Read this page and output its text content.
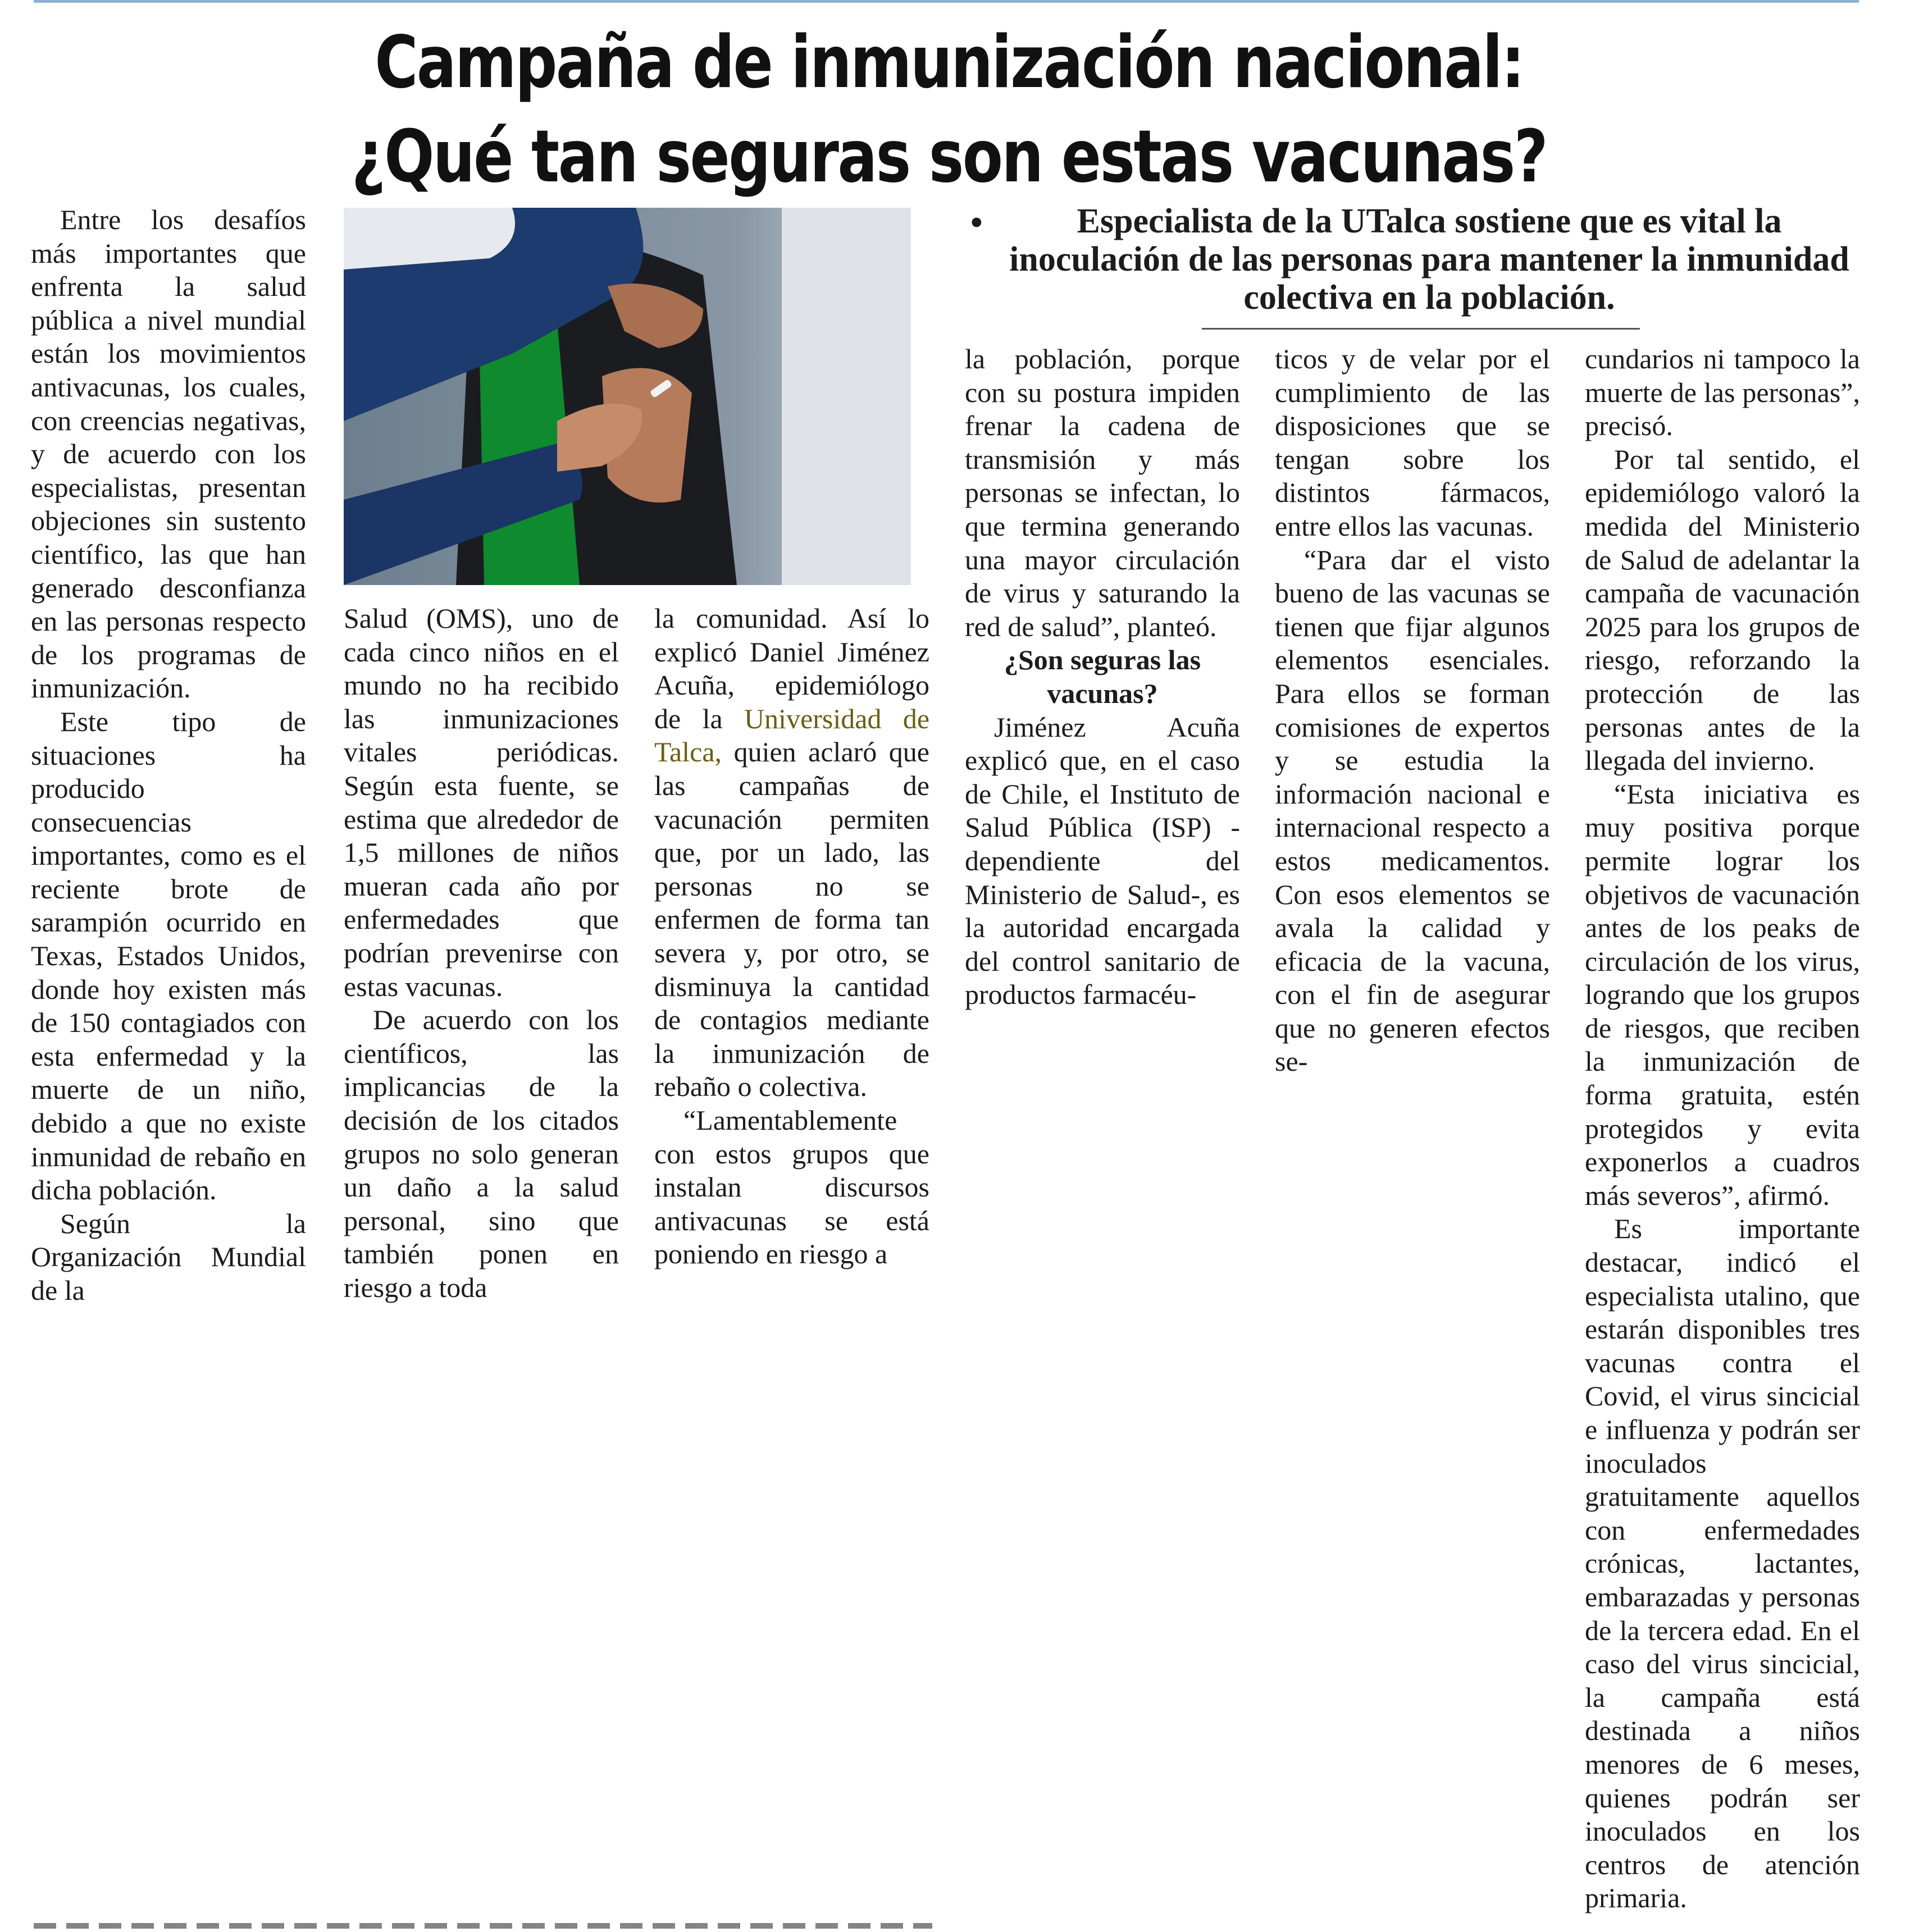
Campaña de inmunización nacional: ¿Qué tan seguras son estas vacunas?

Entre los desafíos más importantes que enfrenta la salud pública a nivel mundial están los movimientos antivacunas, los cuales, con creencias negativas, y de acuerdo con los especialistas, presentan objeciones sin sustento científico, las que han generado desconfianza en las personas respecto de los programas de inmunización.

Este tipo de situaciones ha producido consecuencias importantes, como es el reciente brote de sarampión ocurrido en Texas, Estados Unidos, donde hoy existen más de 150 contagiados con esta enfermedad y la muerte de un niño, debido a que no existe inmunidad de rebaño en dicha población.

Según la Organización Mundial de la

•	Especialista de la UTalca sostiene que es vital la inoculación de las personas para mantener la inmunidad colectiva en la población.

Salud (OMS), uno de cada cinco niños en el mundo no ha recibido las inmunizaciones vitales periódicas. Según esta fuente, se estima que alrededor de 1,5 millones de niños mueran cada año por enfermedades que podrían prevenirse con estas vacunas.

De acuerdo con los científicos, las implicancias de la decisión de los citados grupos no solo generan un daño a la salud personal, sino que también ponen en riesgo a toda

la comunidad. Así lo explicó Daniel Jiménez Acuña, epidemiólogo de la Universidad de Talca, quien aclaró que las campañas de vacunación permiten que, por un lado, las personas no se enfermen de forma tan severa y, por otro, se disminuya la cantidad de contagios mediante la inmunización de rebaño o colectiva.

“Lamentablemente con estos grupos que instalan discursos antivacunas se está poniendo en riesgo a

la población, porque con su postura impiden frenar la cadena de transmisión y más personas se infectan, lo que termina generando una mayor circulación de virus y saturando la red de salud”, planteó.

¿Son seguras las vacunas?

Jiménez Acuña explicó que, en el caso de Chile, el Instituto de Salud Pública (ISP) -dependiente del Ministerio de Salud-, es la autoridad encargada del control sanitario de productos farmacéu-

ticos y de velar por el cumplimiento de las disposiciones que se tengan sobre los distintos fármacos, entre ellos las vacunas.

“Para dar el visto bueno de las vacunas se tienen que fijar algunos elementos esenciales. Para ellos se forman comisiones de expertos y se estudia la información nacional e internacional respecto a estos medicamentos. Con esos elementos se avala la calidad y eficacia de la vacuna, con el fin de asegurar que no generen efectos se-

cundarios ni tampoco la muerte de las personas”, precisó.

Por tal sentido, el epidemiólogo valoró la medida del Ministerio de Salud de adelantar la campaña de vacunación 2025 para los grupos de riesgo, reforzando la protección de las personas antes de la llegada del invierno.

“Esta iniciativa es muy positiva porque permite lograr los objetivos de vacunación antes de los peaks de circulación de los virus, logrando que los grupos de riesgos, que reciben la inmunización de forma gratuita, estén protegidos y evita exponerlos a cuadros más severos”, afirmó.

Es importante destacar, indicó el especialista utalino, que estarán disponibles tres vacunas contra el Covid, el virus sincicial e influenza y podrán ser inoculados gratuitamente aquellos con enfermedades crónicas, lactantes, embarazadas y personas de la tercera edad. En el caso del virus sincicial, la campaña está destinada a niños menores de 6 meses, quienes podrán ser inoculados en los centros de atención primaria.
